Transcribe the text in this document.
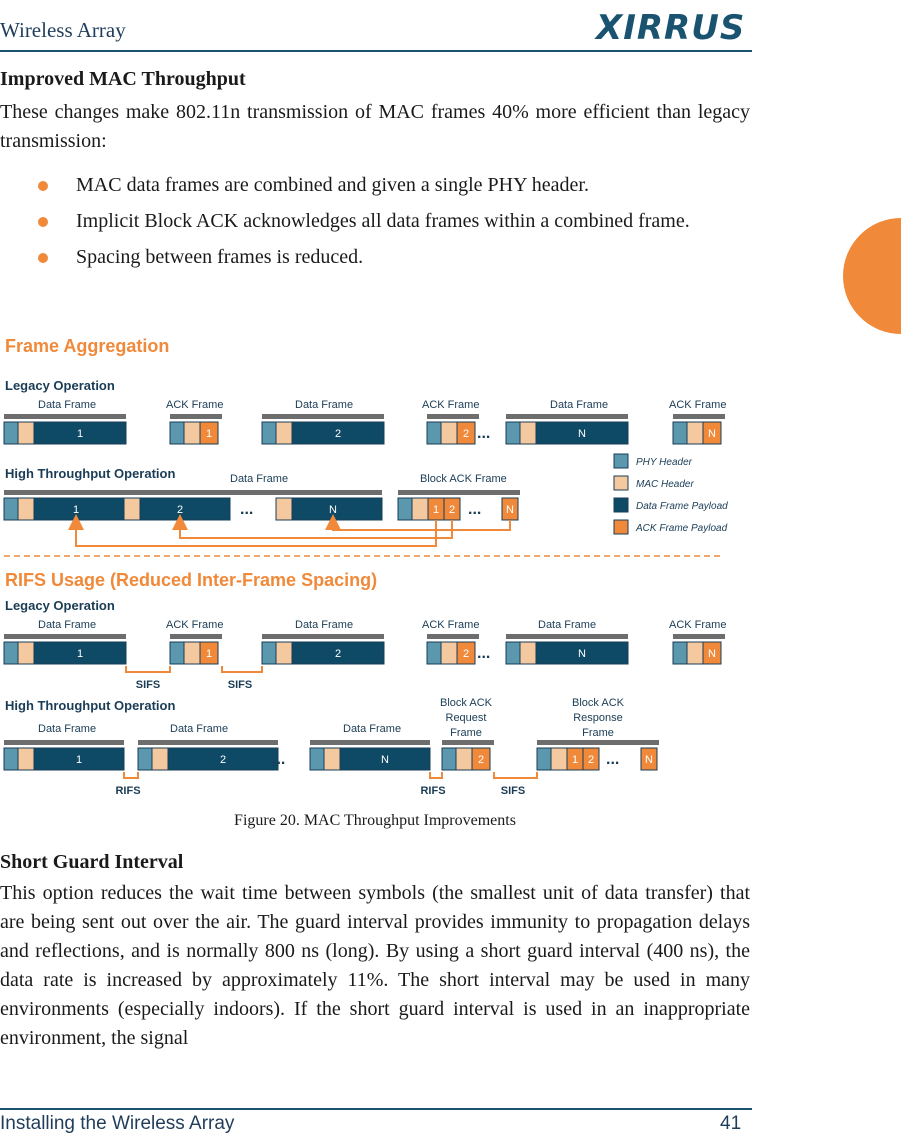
Wireless Array	XIRRUS
Improved MAC Throughput

These changes make 802.11n transmission of MAC frames 40% more efficient than legacy transmission:

MAC data frames are combined and given a single PHY header.
Implicit Block ACK acknowledges all data frames within a combined frame.
Spacing between frames is reduced.
Frame Aggregation
Legacy Operation
Data Frame	ACK Frame	Data Frame	ACK Frame	Data Frame	ACK Frame
1	1	2	2 ...	N	N
High Throughput Operation	Data Frame	Block ACK Frame
1	2	...	N	1 2 ... N
PHY Header
MAC Header
Data Frame Payload
ACK Frame Payload
RIFS Usage (Reduced Inter-Frame Spacing)
Legacy Operation
Data Frame	ACK Frame	Data Frame	ACK Frame	Data Frame	ACK Frame
1	1	2	2 ...	N	N
SIFS	SIFS
High Throughput Operation	Block ACK
Request
Frame
Block ACK
Response
Frame
Data Frame	Data Frame	Data Frame
1	2	...	N	2	1 2 ... N
RIFS	RIFS	SIFS
Figure 20. MAC Throughput Improvements
Short Guard Interval

This option reduces the wait time between symbols (the smallest unit of data transfer) that are being sent out over the air. The guard interval provides immunity to propagation delays and reflections, and is normally 800 ns (long). By using a short guard interval (400 ns), the data rate is increased by approximately 11%. The short interval may be used in many environments (especially indoors). If the short guard interval is used in an inappropriate environment, the signal

Installing the Wireless Array	41
